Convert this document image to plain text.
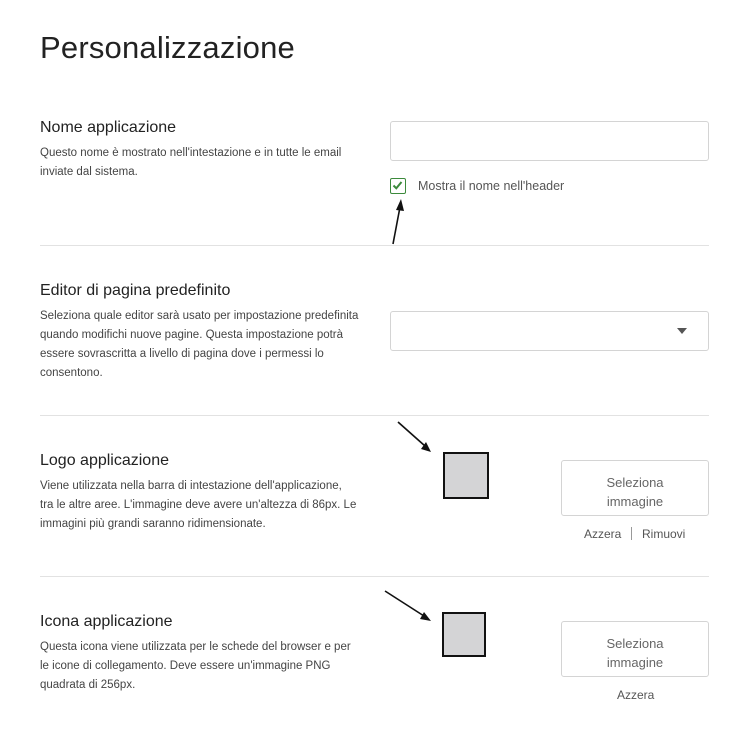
Personalizzazione
Nome applicazione
Questo nome è mostrato nell'intestazione e in tutte le email inviate dal sistema.
Mostra il nome nell'header
Editor di pagina predefinito
Seleziona quale editor sarà usato per impostazione predefinita quando modifichi nuove pagine. Questa impostazione potrà essere sovrascritta a livello di pagina dove i permessi lo consentono.
Logo applicazione
Viene utilizzata nella barra di intestazione dell'applicazione, tra le altre aree. L'immagine deve avere un'altezza di 86px. Le immagini più grandi saranno ridimensionate.
Seleziona immagine
Azzera Rimuovi
Icona applicazione
Questa icona viene utilizzata per le schede del browser e per le icone di collegamento. Deve essere un'immagine PNG quadrata di 256px.
Seleziona immagine
Azzera
